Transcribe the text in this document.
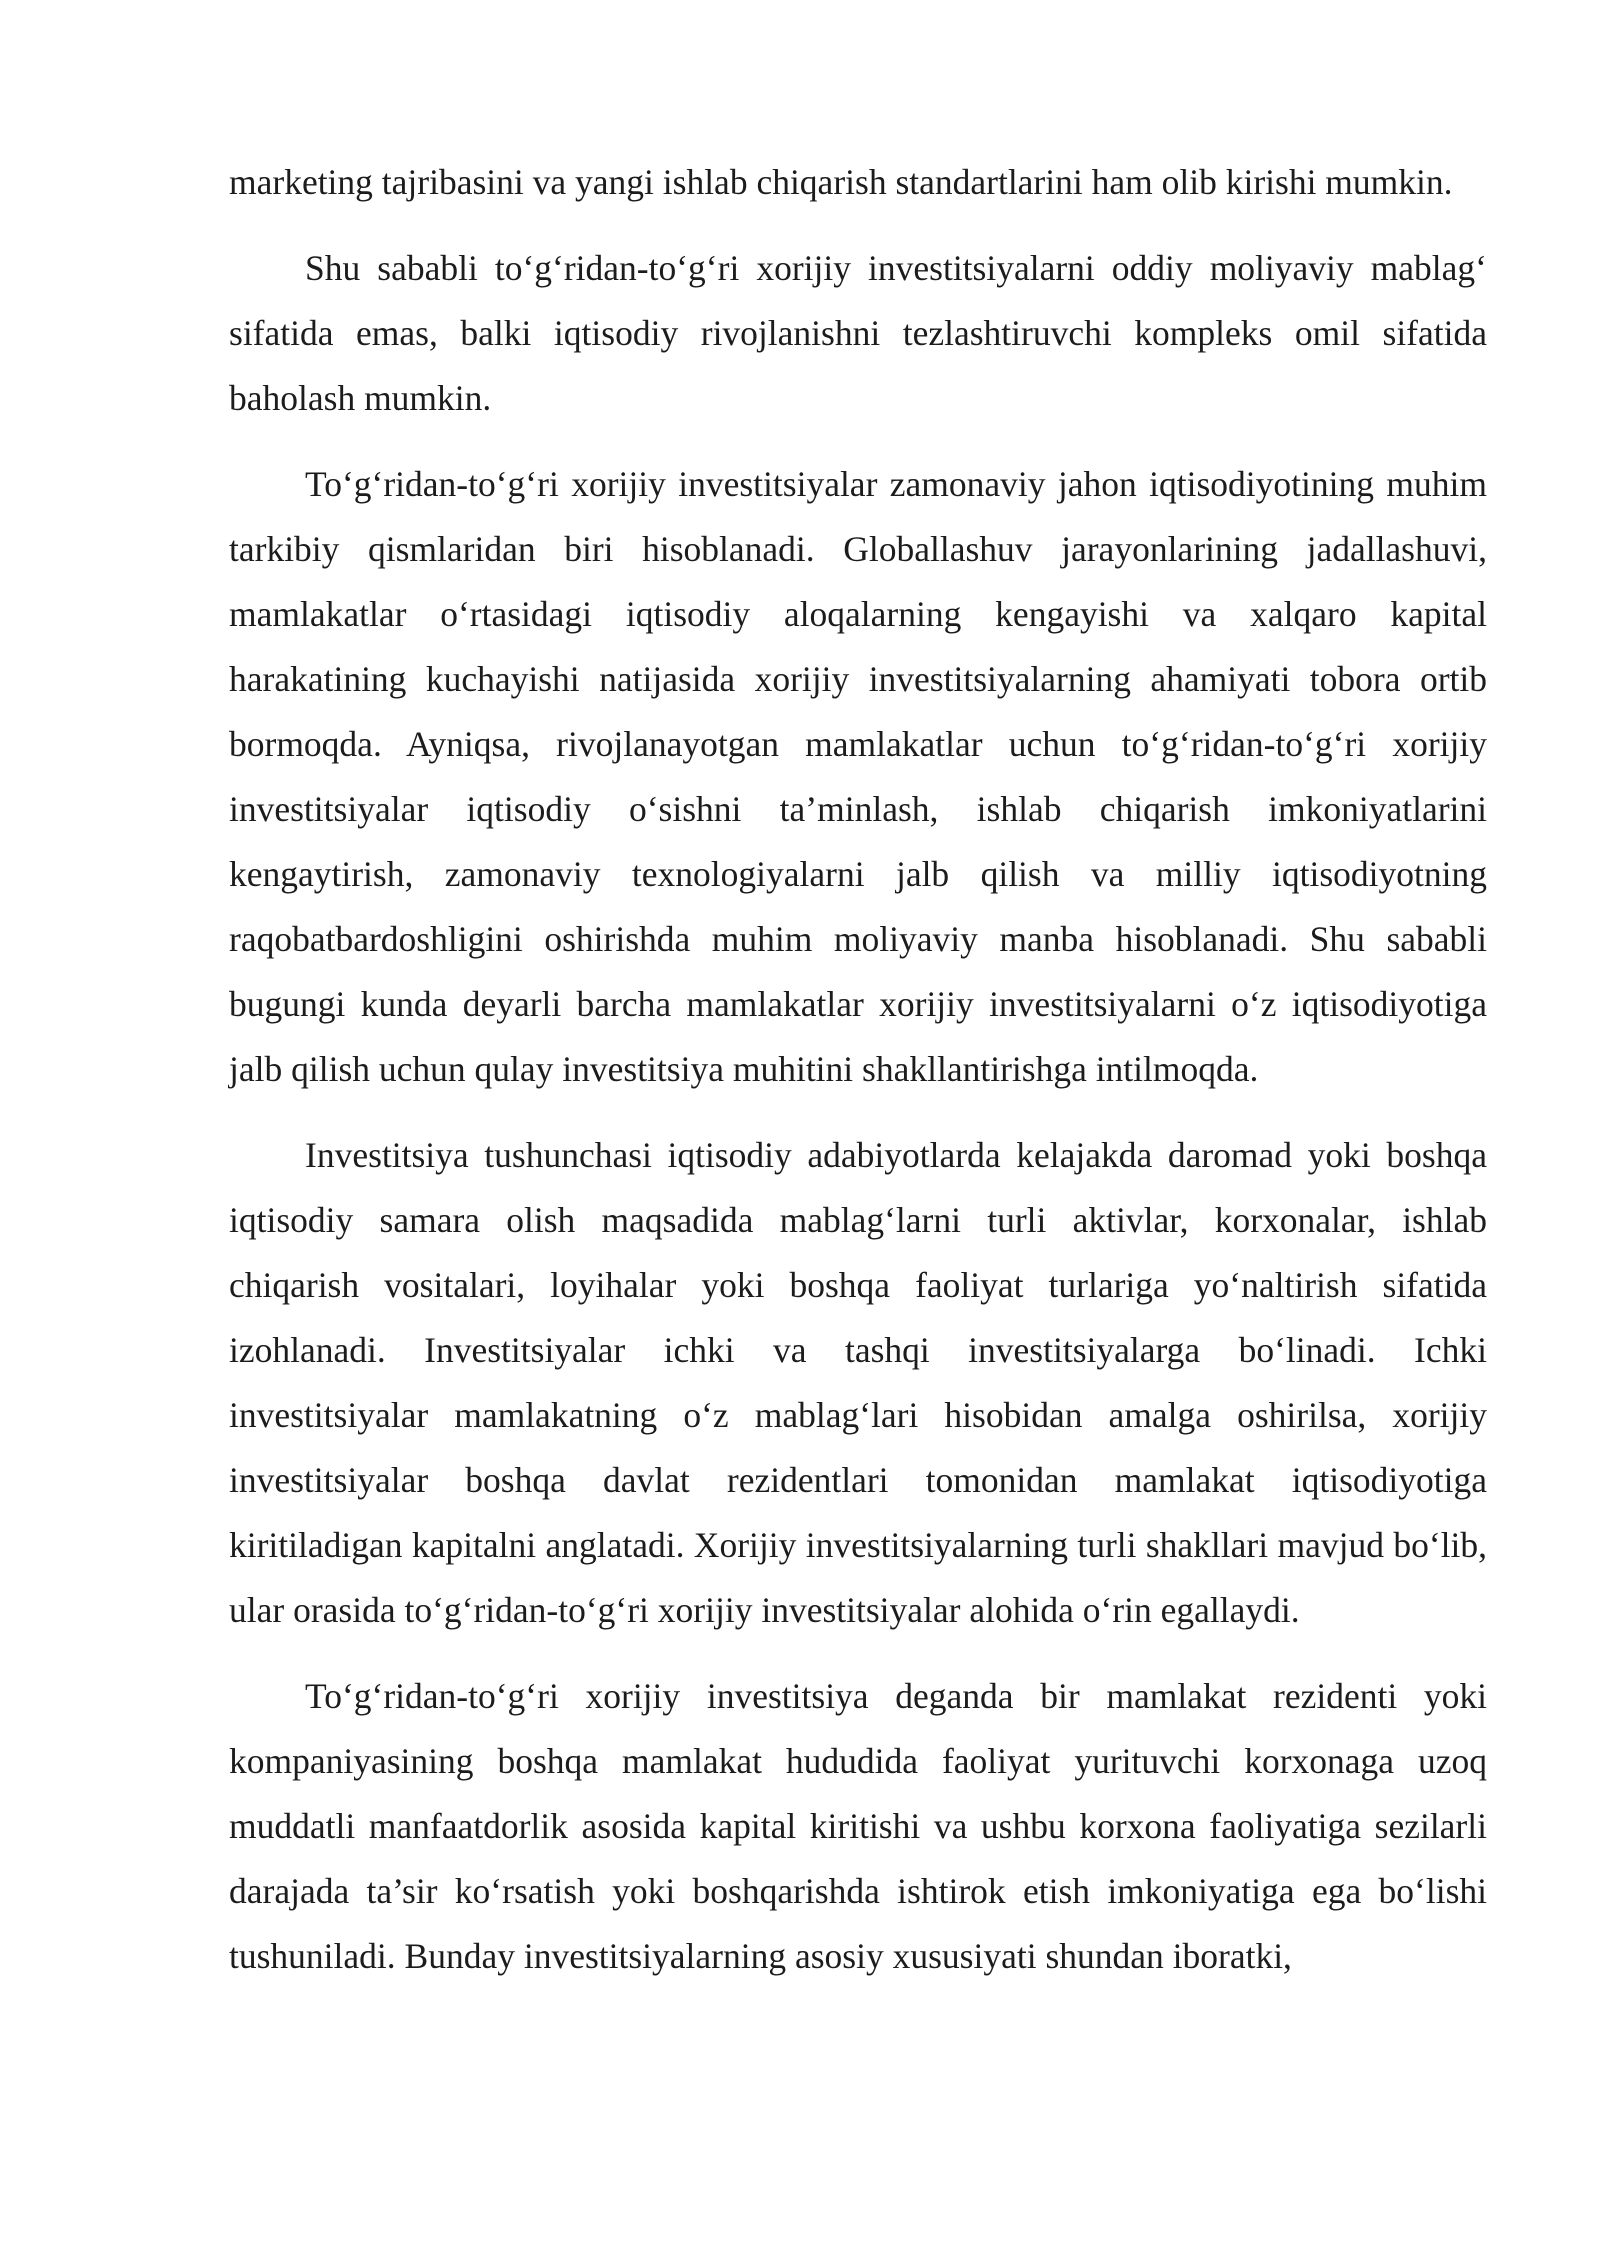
marketing tajribasini va yangi ishlab chiqarish standartlarini ham olib kirishi mumkin.

Shu sababli to‘g‘ridan-to‘g‘ri xorijiy investitsiyalarni oddiy moliyaviy mablag‘ sifatida emas, balki iqtisodiy rivojlanishni tezlashtiruvchi kompleks omil sifatida baholash mumkin.

To‘g‘ridan-to‘g‘ri xorijiy investitsiyalar zamonaviy jahon iqtisodiyotining muhim tarkibiy qismlaridan biri hisoblanadi. Globallashuv jarayonlarining jadallashuvi, mamlakatlar o‘rtasidagi iqtisodiy aloqalarning kengayishi va xalqaro kapital harakatining kuchayishi natijasida xorijiy investitsiyalarning ahamiyati tobora ortib bormoqda. Ayniqsa, rivojlanayotgan mamlakatlar uchun to‘g‘ridan-to‘g‘ri xorijiy investitsiyalar iqtisodiy o‘sishni ta’minlash, ishlab chiqarish imkoniyatlarini kengaytirish, zamonaviy texnologiyalarni jalb qilish va milliy iqtisodiyotning raqobatbardoshligini oshirishda muhim moliyaviy manba hisoblanadi. Shu sababli bugungi kunda deyarli barcha mamlakatlar xorijiy investitsiyalarni o‘z iqtisodiyotiga jalb qilish uchun qulay investitsiya muhitini shakllantirishga intilmoqda.

Investitsiya tushunchasi iqtisodiy adabiyotlarda kelajakda daromad yoki boshqa iqtisodiy samara olish maqsadida mablag‘larni turli aktivlar, korxonalar, ishlab chiqarish vositalari, loyihalar yoki boshqa faoliyat turlariga yo‘naltirish sifatida izohlanadi. Investitsiyalar ichki va tashqi investitsiyalarga bo‘linadi. Ichki investitsiyalar mamlakatning o‘z mablag‘lari hisobidan amalga oshirilsa, xorijiy investitsiyalar boshqa davlat rezidentlari tomonidan mamlakat iqtisodiyotiga kiritiladigan kapitalni anglatadi. Xorijiy investitsiyalarning turli shakllari mavjud bo‘lib, ular orasida to‘g‘ridan-to‘g‘ri xorijiy investitsiyalar alohida o‘rin egallaydi.

To‘g‘ridan-to‘g‘ri xorijiy investitsiya deganda bir mamlakat rezidenti yoki kompaniyasining boshqa mamlakat hududida faoliyat yurituvchi korxonaga uzoq muddatli manfaatdorlik asosida kapital kiritishi va ushbu korxona faoliyatiga sezilarli darajada ta’sir ko‘rsatish yoki boshqarishda ishtirok etish imkoniyatiga ega bo‘lishi tushuniladi. Bunday investitsiyalarning asosiy xususiyati shundan iboratki,
